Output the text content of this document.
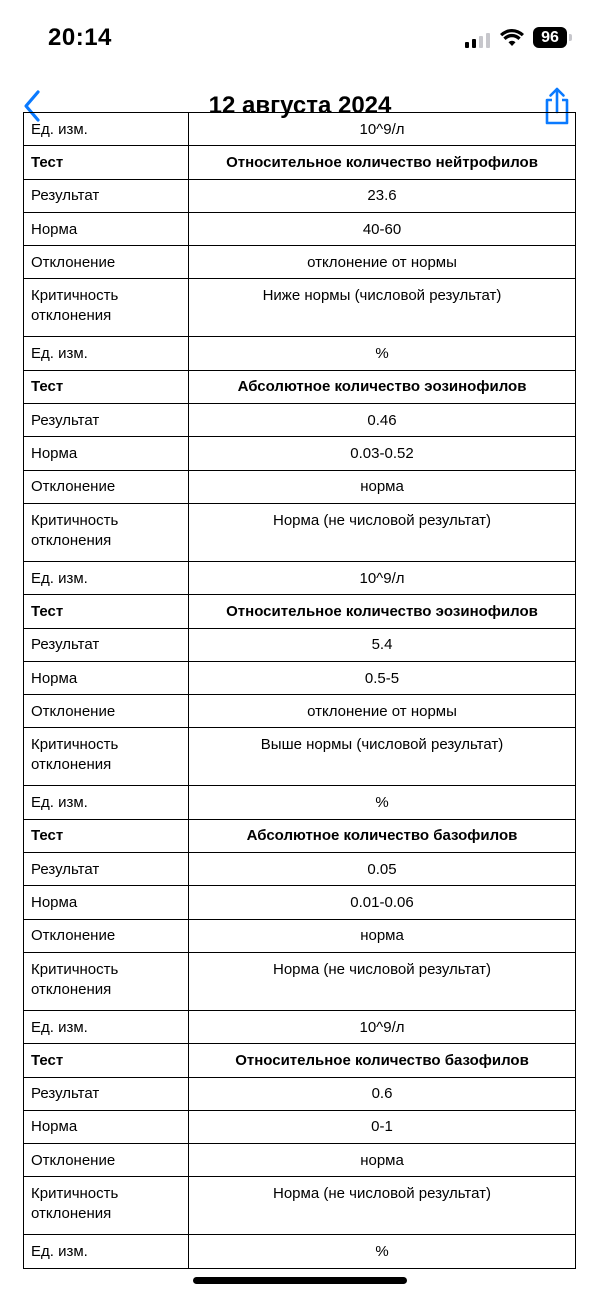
20:14	96
12 августа 2024
Ед. изм.	10^9/л
Тест	Относительное количество нейтрофилов
Результат	23.6
Норма	40-60
Отклонение	отклонение от нормы
Критичность отклонения	Ниже нормы (числовой результат)
Ед. изм.	%
Тест	Абсолютное количество эозинофилов
Результат	0.46
Норма	0.03-0.52
Отклонение	норма
Критичность отклонения	Норма (не числовой результат)
Ед. изм.	10^9/л
Тест	Относительное количество эозинофилов
Результат	5.4
Норма	0.5-5
Отклонение	отклонение от нормы
Критичность отклонения	Выше нормы (числовой результат)
Ед. изм.	%
Тест	Абсолютное количество базофилов
Результат	0.05
Норма	0.01-0.06
Отклонение	норма
Критичность отклонения	Норма (не числовой результат)
Ед. изм.	10^9/л
Тест	Относительное количество базофилов
Результат	0.6
Норма	0-1
Отклонение	норма
Критичность отклонения	Норма (не числовой результат)
Ед. изм.	%
